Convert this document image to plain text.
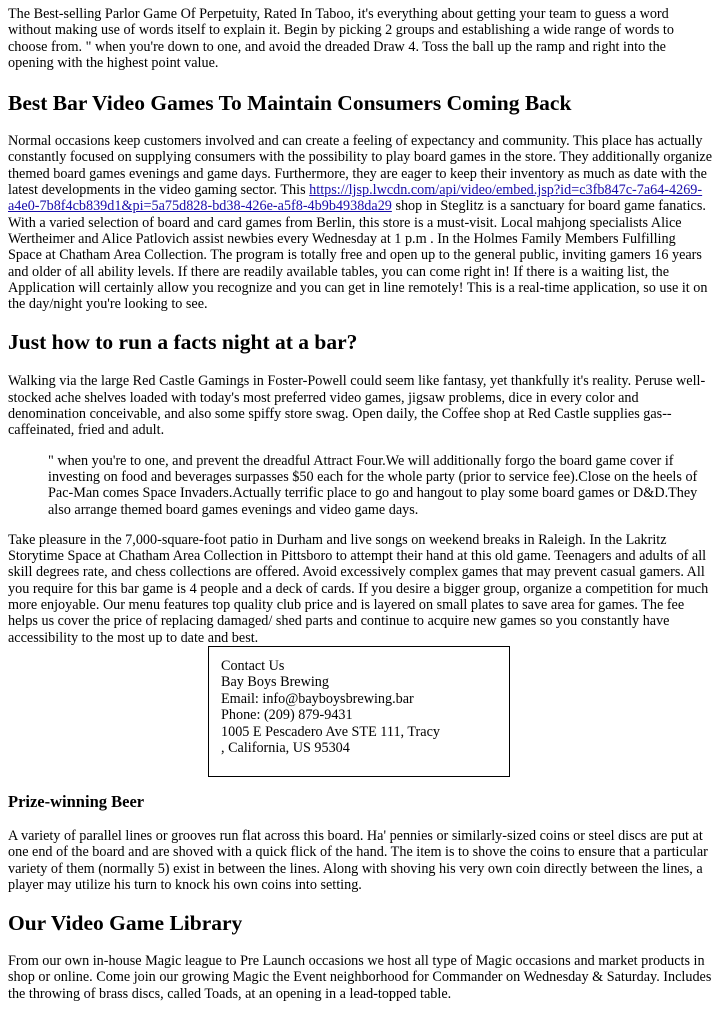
The Best-selling Parlor Game Of Perpetuity, Rated In Taboo, it's everything about getting your team to guess a word without making use of words itself to explain it. Begin by picking 2 groups and establishing a wide range of words to choose from. " when you're down to one, and avoid the dreaded Draw 4. Toss the ball up the ramp and right into the opening with the highest point value.

Best Bar Video Games To Maintain Consumers Coming Back

Normal occasions keep customers involved and can create a feeling of expectancy and community. This place has actually constantly focused on supplying consumers with the possibility to play board games in the store. They additionally organize themed board games evenings and game days. Furthermore, they are eager to keep their inventory as much as date with the latest developments in the video gaming sector. This https://ljsp.lwcdn.com/api/video/embed.jsp?id=c3fb847c-7a64-4269-a4e0-7b8f4cb839d1&pi=5a75d828-bd38-426e-a5f8-4b9b4938da29 shop in Steglitz is a sanctuary for board game fanatics. With a varied selection of board and card games from Berlin, this store is a must-visit. Local mahjong specialists Alice Wertheimer and Alice Patlovich assist newbies every Wednesday at 1 p.m . In the Holmes Family Members Fulfilling Space at Chatham Area Collection. The program is totally free and open up to the general public, inviting gamers 16 years and older of all ability levels. If there are readily available tables, you can come right in! If there is a waiting list, the Application will certainly allow you recognize and you can get in line remotely! This is a real-time application, so use it on the day/night you're looking to see.

Just how to run a facts night at a bar?

Walking via the large Red Castle Gamings in Foster-Powell could seem like fantasy, yet thankfully it's reality. Peruse well-stocked ache shelves loaded with today's most preferred video games, jigsaw problems, dice in every color and denomination conceivable, and also some spiffy store swag. Open daily, the Coffee shop at Red Castle supplies gas--caffeinated, fried and adult.

" when you're to one, and prevent the dreadful Attract Four.We will additionally forgo the board game cover if investing on food and beverages surpasses $50 each for the whole party (prior to service fee).Close on the heels of Pac-Man comes Space Invaders.Actually terrific place to go and hangout to play some board games or D&D.They also arrange themed board games evenings and video game days.

Take pleasure in the 7,000-square-foot patio in Durham and live songs on weekend breaks in Raleigh. In the Lakritz Storytime Space at Chatham Area Collection in Pittsboro to attempt their hand at this old game. Teenagers and adults of all skill degrees rate, and chess collections are offered. Avoid excessively complex games that may prevent casual gamers. All you require for this bar game is 4 people and a deck of cards. If you desire a bigger group, organize a competition for much more enjoyable. Our menu features top quality club price and is layered on small plates to save area for games. The fee helps us cover the price of replacing damaged/ shed parts and continue to acquire new games so you constantly have accessibility to the most up to date and best.

Contact Us
Bay Boys Brewing
Email: info@bayboysbrewing.bar
Phone: (209) 879-9431
1005 E Pescadero Ave STE 111, Tracy
, California, US 95304
Prize-winning Beer

A variety of parallel lines or grooves run flat across this board. Ha' pennies or similarly-sized coins or steel discs are put at one end of the board and are shoved with a quick flick of the hand. The item is to shove the coins to ensure that a particular variety of them (normally 5) exist in between the lines. Along with shoving his very own coin directly between the lines, a player may utilize his turn to knock his own coins into setting.

Our Video Game Library

From our own in-house Magic league to Pre Launch occasions we host all type of Magic occasions and market products in shop or online. Come join our growing Magic the Event neighborhood for Commander on Wednesday & Saturday. Includes the throwing of brass discs, called Toads, at an opening in a lead-topped table.
